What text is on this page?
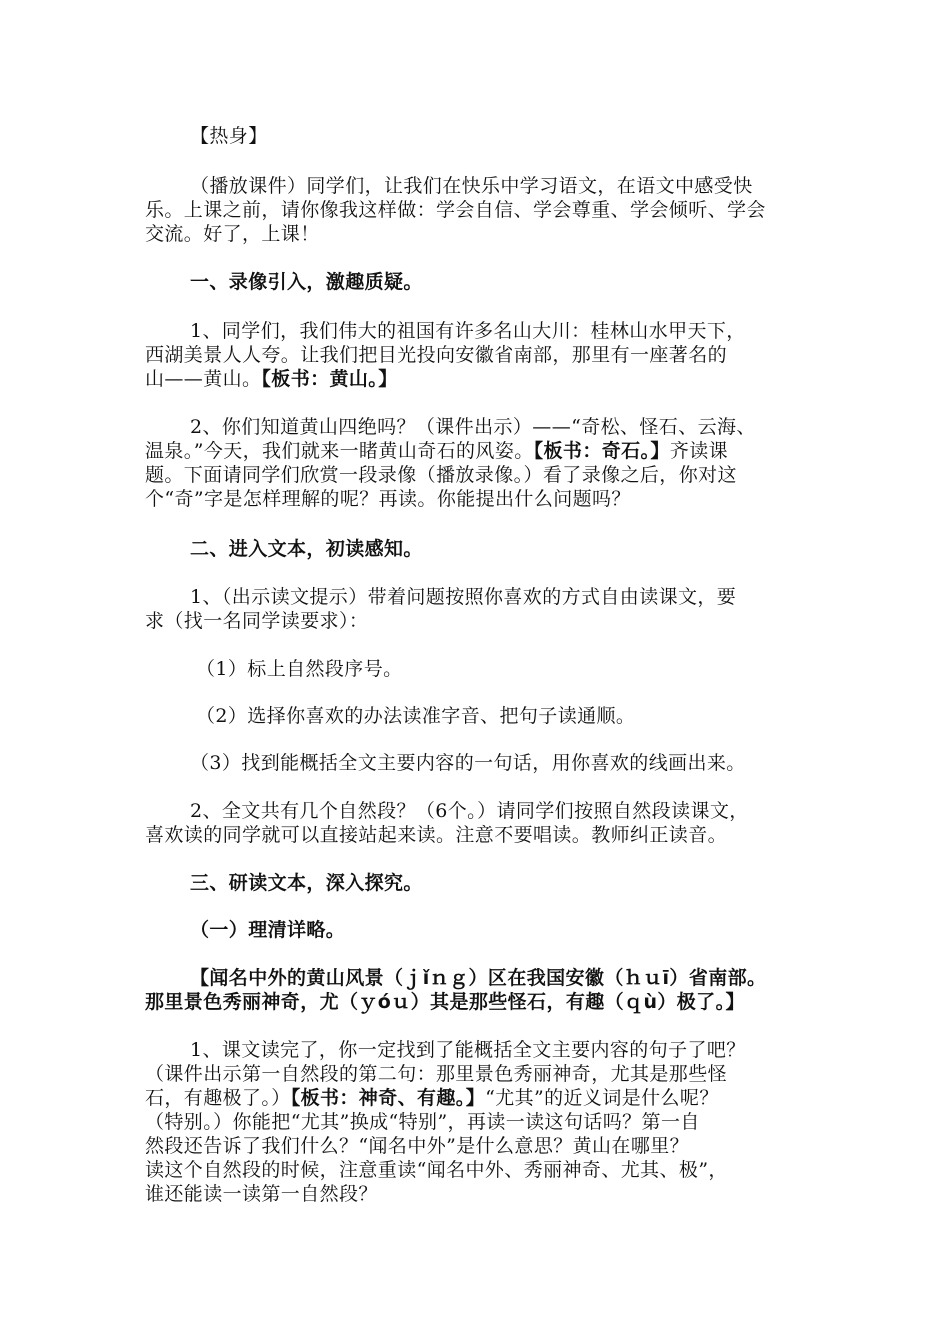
【热身】
（播放课件）同学们，让我们在快乐中学习语文，在语文中感受快
乐。上课之前，请你像我这样做：学会自信、学会尊重、学会倾听、学会
交流。好了，上课！
一、录像引入，激趣质疑。
1、同学们，我们伟大的祖国有许多名山大川：桂林山水甲天下，
西湖美景人人夸。让我们把目光投向安徽省南部，那里有一座著名的
山——黄山。【板书：黄山。】
2、你们知道黄山四绝吗？（课件出示）——“奇松、怪石、云海、
温泉。”今天，我们就来一睹黄山奇石的风姿。【板书：奇石。】齐读课
题。下面请同学们欣赏一段录像（播放录像。）看了录像之后，你对这
个“奇”字是怎样理解的呢？再读。你能提出什么问题吗？
二、进入文本，初读感知。
1、（出示读文提示）带着问题按照你喜欢的方式自由读课文，要
求（找一名同学读要求）：
（1）标上自然段序号。
（2）选择你喜欢的办法读准字音、把句子读通顺。
（3）找到能概括全文主要内容的一句话，用你喜欢的线画出来。
2、全文共有几个自然段？（6个。）请同学们按照自然段读课文，
喜欢读的同学就可以直接站起来读。注意不要唱读。教师纠正读音。
三、研读文本，深入探究。
（一）理清详略。
【闻名中外的黄山风景（ｊǐｎｇ）区在我国安徽（ｈｕī）省南部。
那里景色秀丽神奇，尤（ｙóｕ）其是那些怪石，有趣（ｑù）极了。】
1、课文读完了，你一定找到了能概括全文主要内容的句子了吧？
（课件出示第一自然段的第二句：那里景色秀丽神奇，尤其是那些怪
石，有趣极了。）【板书：神奇、有趣。】“尤其”的近义词是什么呢？
（特别。）你能把“尤其”换成“特别”，再读一读这句话吗？第一自
然段还告诉了我们什么？“闻名中外”是什么意思？黄山在哪里？
读这个自然段的时候，注意重读“闻名中外、秀丽神奇、尤其、极”，
谁还能读一读第一自然段？
